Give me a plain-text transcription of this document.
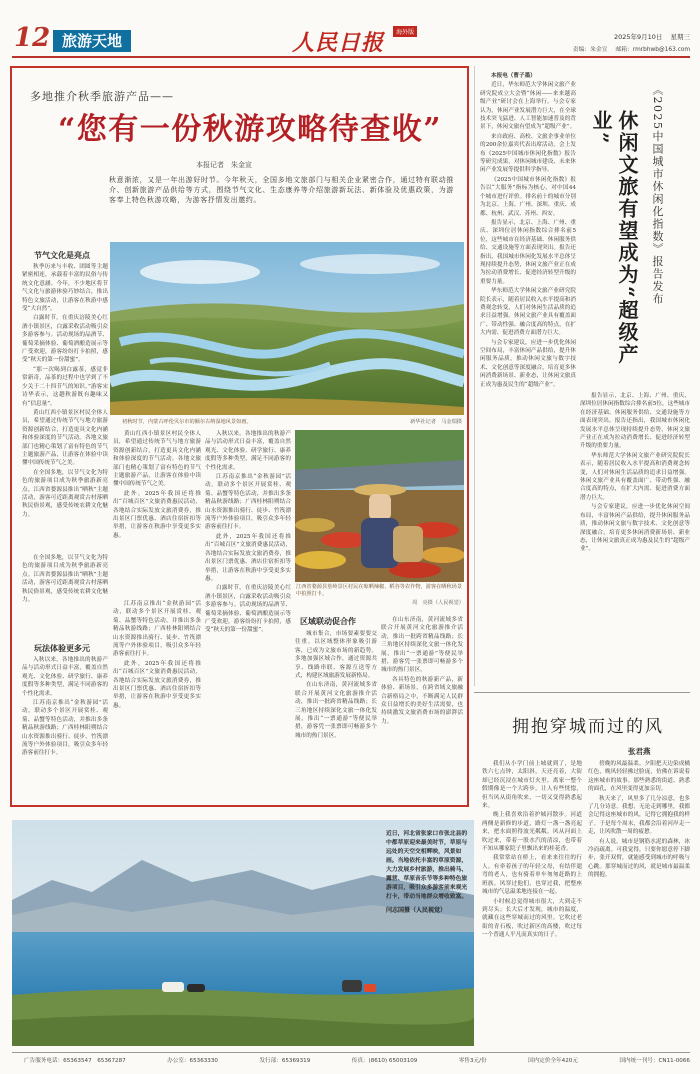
12 旅游天地	人民日报 海外版
2025年9月10日 星期三
责编：朱金宣 邮箱：rmrbhwb@163.com
多地推介秋季旅游产品——
“您有一份秋游攻略待查收”
本报记者　朱金宣
秋意渐浓，又是一年出游好时节。今年秋天，全国多地文旅部门与相关企业紧密合作，通过特有联动推介、创新旅游产品供给等方式，围绕节气文化、生态康养等介绍旅游新玩法、新体验及优惠政策，为游客奉上特色秋游攻略，为游客抒情发出邀约。
节气文化是亮点

秋季历来与丰收、团圆等主题紧密相连，承载着丰富的民俗与传统文化意涵。今年，不少地区将节气文化与旅游体验巧妙结合，推出特色文旅活动，让游客在秋游中感受“大自然”。

白露时节，在重庆涪陵美心红酒小镇景区，白露采收活动吸引众多游客参与。活动现场的品酒节、葡萄采摘体验、葡萄酒酿造展示等广受欢迎，游客纷纷打卡拍照，感受“秋天的第一份甜蜜”。

“那一次喝到白露茶，感觉非常新奇，品茶的过程中也学到了不少关于二十四节气的知识。”游客宋诗华表示，这趟秋游既有趣味又有“信息量”。

黄山红西小镇景区村民全体人员，希望通过传统节气与地方旅游资源创新结合，打造更具文化内涵和体验深度的节气活动。各地文旅部门也精心策划了富有特色的节气主题旅游产品，让游客在体验中读懂中国传统节气之美。

在全国多地，以节气文化为特色的旅游项目成为秋季旅游新亮点。江西省婺源县推出“晒秋”主题活动，游客可近距离观赏古村落晒秋民俗景观，感受传统农耕文化魅力。

在全国多地，以节气文化为特色的旅游项目成为秋季旅游新亮点。江西省婺源县推出“晒秋”主题活动，游客可近距离观赏古村落晒秋民俗景观，感受传统农耕文化魅力。

玩法体验更多元

入秋以来，各地推出的秋游产品与活动形式日益丰富，覆盖自然观光、文化体验、研学旅行、康养度假等多种类型，满足不同游客的个性化需求。

江苏南京推出“金秋游园”活动，联动多个景区开展赏桂、观菊、品蟹等特色活动，并推出多条精品秋游线路；广西桂林阳朔结合山水资源推出骑行、徒步、竹筏漂流等户外体验项目，吸引众多年轻游客前往打卡。

初秋时节，内蒙古呼伦贝尔市的额尔古纳湿地风景如画。	新华社记者　马金瑞摄

黄山红西小镇景区村民全体人员，希望通过传统节气与地方旅游资源创新结合，打造更具文化内涵和体验深度的节气活动。各地文旅部门也精心策划了富有特色的节气主题旅游产品，让游客在体验中读懂中国传统节气之美。

此外，2025年我国还将推出“百城百区”文旅消费惠民活动，各地结合实际发放文旅消费券，推出景区门票优惠、酒店住宿折扣等举措，让游客在秋游中享受更多实惠。

江苏南京推出“金秋游园”活动，联动多个景区开展赏桂、观菊、品蟹等特色活动，并推出多条精品秋游线路；广西桂林阳朔结合山水资源推出骑行、徒步、竹筏漂流等户外体验项目，吸引众多年轻游客前往打卡。

此外，2025年我国还将推出“百城百区”文旅消费惠民活动，各地结合实际发放文旅消费券，推出景区门票优惠、酒店住宿折扣等举措，让游客在秋游中享受更多实惠。

入秋以来，各地推出的秋游产品与活动形式日益丰富，覆盖自然观光、文化体验、研学旅行、康养度假等多种类型，满足不同游客的个性化需求。

江苏南京推出“金秋游园”活动，联动多个景区开展赏桂、观菊、品蟹等特色活动，并推出多条精品秋游线路；广西桂林阳朔结合山水资源推出骑行、徒步、竹筏漂流等户外体验项目，吸引众多年轻游客前往打卡。

此外，2025年我国还将推出“百城百区”文旅消费惠民活动，各地结合实际发放文旅消费券，推出景区门票优惠、酒店住宿折扣等举措，让游客在秋游中享受更多实惠。

白露时节，在重庆涪陵美心红酒小镇景区，白露采收活动吸引众多游客参与。活动现场的品酒节、葡萄采摘体验、葡萄酒酿造展示等广受欢迎，游客纷纷打卡拍照，感受“秋天的第一份甜蜜”。

江西省婺源县篁岭景区村民在晾晒辣椒、稻谷等农作物，游客在晒秋场景中拍照打卡。
周　亮摄（人民视觉）
区域联动促合作

城市集合，市场要素要要交往重。以区域整体形象吸引游客，已成为文旅市场的新趋势。多地加强区域合作，通过资源共享、线路串联、客源互送等方式，构建区域旅游发展新格局。

在山东济南，黄河流域多省联合开展黄河文化旅游推介活动，推出一批跨省精品线路；长三角地区持续深化文旅一体化发展，推出“一票通游”等便民举措，游客凭一张票即可畅游多个城市的热门景区。

在山东济南，黄河流域多省联合开展黄河文化旅游推介活动，推出一批跨省精品线路；长三角地区持续深化文旅一体化发展，推出“一票通游”等便民举措，游客凭一张票即可畅游多个城市的热门景区。

各具特色的秋游新产品，新体验、新场景，在跨省域文旅融合新格局之中，不断满足人民群众日益增长的美好生活需要，也持续激发文旅消费市场的澎湃活力。

本报电（曹子墨）

近日，华东师范大学休闲文旅产业研究院成立大会暨“休闲——来来越高级产业”研讨会在上海举行。与会专家认为，休闲产业发展潜力巨大，在全球技术突飞猛进、人工智能加速普及的背景下，休闲文旅有望成为“超级产业”。

来自政府、高校、文旅企事业单位的200余位嘉宾代表出席活动。会上发布《2025中国城市休闲化指数》报告等研究成果，对休闲城市建设、未来休闲产业发展等提供科学指导。

《2025中国城市休闲化指数》报告以“大服务”指标为核心，对中国44个城市进行评价。排名前十的城市分别为北京、上海、广州、深圳、重庆、成都、杭州、武汉、苏州、西安。

报告显示，北京、上海、广州、重庆、深圳位居休闲指数综合排名前5位，这些城市在经济基础、休闲服务供给、交通设施等方面表现突出。报告还指出，我国城市休闲化发展水平总体呈现持续提升态势，休闲文旅产业正在成为拉动消费增长、促进经济转型升级的重要力量。

华东师范大学休闲文旅产业研究院院长表示，随着居民收入水平提高和消费观念转变，人们对休闲生活品质的追求日益增强。休闲文旅产业具有覆盖面广、带动性强、融合度高的特点，在扩大内需、促进消费方面潜力巨大。

与会专家建议，应进一步优化休闲空间布局，丰富休闲产品供给，提升休闲服务品质，推动休闲文旅与数字技术、文化创意等深度融合，培育更多休闲消费新场景、新业态，让休闲文旅真正成为惠及民生的“超级产业”。

休闲文旅有望成为“超级产业”	《2025中国城市休闲化指数》报告发布

报告显示，北京、上海、广州、重庆、深圳位居休闲指数综合排名前5位，这些城市在经济基础、休闲服务供给、交通设施等方面表现突出。报告还指出，我国城市休闲化发展水平总体呈现持续提升态势，休闲文旅产业正在成为拉动消费增长、促进经济转型升级的重要力量。

华东师范大学休闲文旅产业研究院院长表示，随着居民收入水平提高和消费观念转变，人们对休闲生活品质的追求日益增强。休闲文旅产业具有覆盖面广、带动性强、融合度高的特点，在扩大内需、促进消费方面潜力巨大。

与会专家建议，应进一步优化休闲空间布局，丰富休闲产品供给，提升休闲服务品质，推动休闲文旅与数字技术、文化创意等深度融合，培育更多休闲消费新场景、新业态，让休闲文旅真正成为惠及民生的“超级产业”。

拥抱穿城而过的风
张君燕

我们从小学门前上城就到了，是地铁六七点钟，太阳斜，天还亮着，大街却已经沉浸在城市灯火里。离家一整个假期像是一个大跨步，让人有些恍惚，但当风从街角吹来，一切又变得熟悉起来。

晚上我喜欢沿着护城河散步。河道两侧是新修的步道，路灯一盏一盏亮起来，把水面照得波光粼粼。风从河面上吹过来，带着一股水汽的清凉，也带着不知从哪家院子里飘出来的桂花香。

我常常站在桥上，看来来往往的行人。有牵着孩子的年轻父母，有结伴遛弯的老人，也有骑着单车匆匆赶路的上班族。风穿过他们，也穿过我，把整座城市的气息温柔地连接在一起。

小时候总觉得城市很大，大到走不到尽头；长大后才发现，城市的温度，就藏在这些穿城而过的风里。它吹过老街的青石板，吹过新区的高楼，吹过每一个普通人平凡而真实的日子。

傍晚的风最温柔。夕阳把天边染成橘红色，晚风轻轻拂过脸庞，仿佛在诉说着这座城市的故事。那些熟悉的街道、熟悉的面孔，在风里变得更加亲切。

秋天来了，风里多了几分凉意，也多了几分诗意。我想，无论走到哪里，我都会记得这座城市的风，记得它拥抱我的样子。于是每个周末，我都会沿着河岸走一走，让风吹散一周的疲惫。

有人说，城市是钢筋水泥的森林，冰冷而疏离。可我觉得，只要你愿意停下脚步，张开双臂，就能感受到城市的呼吸与心跳。那穿城而过的风，就是城市最温柔的拥抱。

近日，河北省张家口市张北县的中都草原迎来最美时节，草原与远处的天空交相辉映，风景如画。当地依托丰富的草原资源，大力发展乡村旅游，推出骑马、露营、草原音乐节等多种特色旅游项目，吸引众多游客前来观光打卡，带动当地群众增收致富。
闫志国摄（人民视觉）
广告服务电话：65363547　65367287	办公室：65363330	发行部：65369319	传真：(8610) 65003109	零售3元/份	国内定价全年420元	国内统一刊号：CN11-0066
